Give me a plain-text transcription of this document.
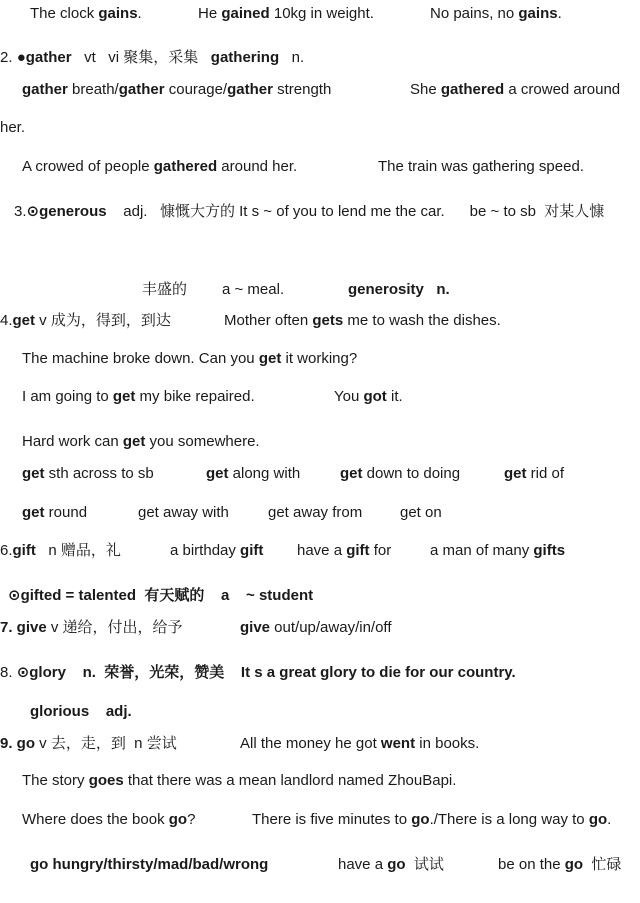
The clock gains.	He gained 10kg in weight.	No pains, no gains.
2. ●gather   vt   vi 聚集，采集   gathering   n.
gather breath/gather courage/gather strength	She gathered a crowed around
her.
A crowed of people gathered around her.	The train was gathering speed.
3.⊙generous    adj.   慷慨大方的 It s ~ of you to lend me the car.      be ~ to sb  对某人慷
丰盛的 a ~ meal.	generosity   n.
4.get v 成为，得到，到达	Mother often gets me to wash the dishes.
The machine broke down. Can you get it working?
I am going to get my bike repaired.	You got it.
Hard work can get you somewhere.
get sth across to sb	get along with	get down to doing	get rid of
get round	get away with	get away from	get on
6.gift   n 赠品，礼	a birthday gift have a gift for	a man of many gifts
⊙gifted = talented  有天赋的    a    ~ student
7. give v 递给，付出，给予	give out/up/away/in/off
8. ⊙glory    n.  荣誉，光荣，赞美    It s a great glory to die for our country.
glorious    adj.
9. go v 去，走，到  n 尝试	All the money he got went in books.
The story goes that there was a mean landlord named ZhouBapi.
Where does the book go?	There is five minutes to go./There is a long way to go.
go hungry/thirsty/mad/bad/wrong	have a go  试试	be on the go  忙碌
